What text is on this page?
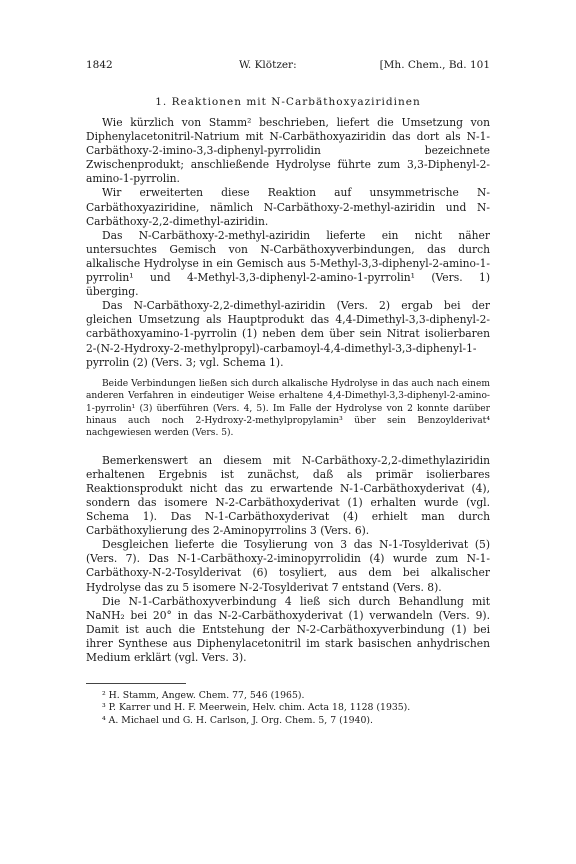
1842	W. Klötzer:	[Mh. Chem., Bd. 101
1. Reaktionen mit N-Carbäthoxyaziridinen

Wie kürzlich von Stamm² beschrieben, liefert die Umsetzung von Diphenylacetonitril-Natrium mit N-Carbäthoxyaziridin das dort als N-1-Carbäthoxy-2-imino-3,3-diphenyl-pyrrolidin bezeichnete Zwischenprodukt; anschließende Hydrolyse führte zum 3,3-Diphenyl-2-amino-1-pyrrolin.

Wir erweiterten diese Reaktion auf unsymmetrische N-Carbäthoxyaziridine, nämlich N-Carbäthoxy-2-methyl-aziridin und N-Carbäthoxy-2,2-dimethyl-aziridin.

Das N-Carbäthoxy-2-methyl-aziridin lieferte ein nicht näher untersuchtes Gemisch von N-Carbäthoxyverbindungen, das durch alkalische Hydrolyse in ein Gemisch aus 5-Methyl-3,3-diphenyl-2-amino-1-pyrrolin¹ und 4-Methyl-3,3-diphenyl-2-amino-1-pyrrolin¹ (Vers. 1) überging.

Das N-Carbäthoxy-2,2-dimethyl-aziridin (Vers. 2) ergab bei der gleichen Umsetzung als Hauptprodukt das 4,4-Dimethyl-3,3-diphenyl-2-carbäthoxyamino-1-pyrrolin (1) neben dem über sein Nitrat isolierbaren 2-(N-2-Hydroxy-2-methylpropyl)-carbamoyl-4,4-dimethyl-3,3-diphenyl-1-pyrrolin (2) (Vers. 3; vgl. Schema 1).

Beide Verbindungen ließen sich durch alkalische Hydrolyse in das auch nach einem anderen Verfahren in eindeutiger Weise erhaltene 4,4-Dimethyl-3,3-diphenyl-2-amino-1-pyrrolin¹ (3) überführen (Vers. 4, 5). Im Falle der Hydrolyse von 2 konnte darüber hinaus auch noch 2-Hydroxy-2-methylpropylamin³ über sein Benzoylderivat⁴ nachgewiesen werden (Vers. 5).

Bemerkenswert an diesem mit N-Carbäthoxy-2,2-dimethylaziridin erhaltenen Ergebnis ist zunächst, daß als primär isolierbares Reaktionsprodukt nicht das zu erwartende N-1-Carbäthoxyderivat (4), sondern das isomere N-2-Carbäthoxyderivat (1) erhalten wurde (vgl. Schema 1). Das N-1-Carbäthoxyderivat (4) erhielt man durch Carbäthoxylierung des 2-Aminopyrrolins 3 (Vers. 6).

Desgleichen lieferte die Tosylierung von 3 das N-1-Tosylderivat (5) (Vers. 7). Das N-1-Carbäthoxy-2-iminopyrrolidin (4) wurde zum N-1-Carbäthoxy-N-2-Tosylderivat (6) tosyliert, aus dem bei alkalischer Hydrolyse das zu 5 isomere N-2-Tosylderivat 7 entstand (Vers. 8).

Die N-1-Carbäthoxyverbindung 4 ließ sich durch Behandlung mit NaNH₂ bei 20° in das N-2-Carbäthoxyderivat (1) verwandeln (Vers. 9). Damit ist auch die Entstehung der N-2-Carbäthoxyverbindung (1) bei ihrer Synthese aus Diphenylacetonitril im stark basischen anhydrischen Medium erklärt (vgl. Vers. 3).

² H. Stamm, Angew. Chem. 77, 546 (1965).
³ P. Karrer und H. F. Meerwein, Helv. chim. Acta 18, 1128 (1935).
⁴ A. Michael und G. H. Carlson, J. Org. Chem. 5, 7 (1940).
